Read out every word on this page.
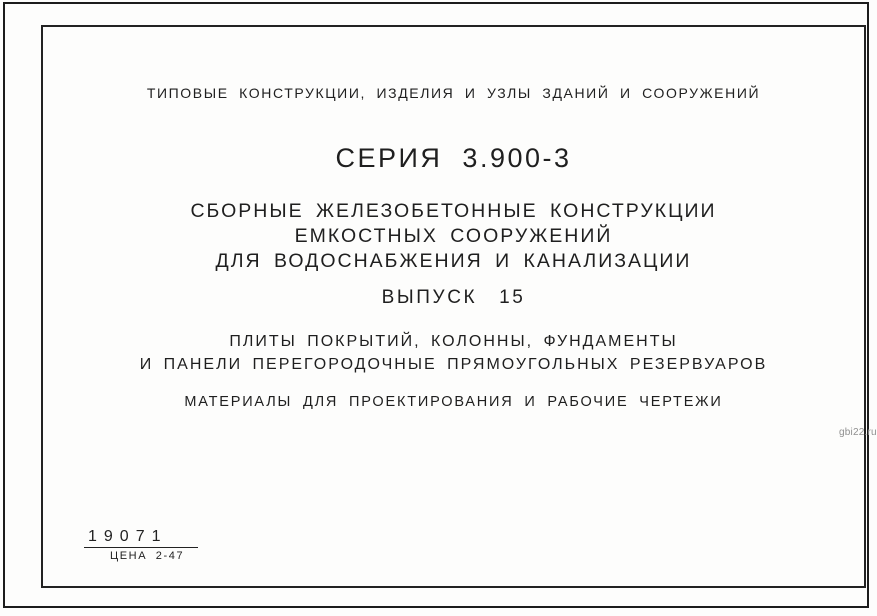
ТИПОВЫЕ КОНСТРУКЦИИ, ИЗДЕЛИЯ И УЗЛЫ ЗДАНИЙ И СООРУЖЕНИЙ
СЕРИЯ 3.900-3
СБОРНЫЕ ЖЕЛЕЗОБЕТОННЫЕ КОНСТРУКЦИИ
ЕМКОСТНЫХ СООРУЖЕНИЙ
ДЛЯ ВОДОСНАБЖЕНИЯ И КАНАЛИЗАЦИИ
ВЫПУСК 15
ПЛИТЫ ПОКРЫТИЙ, КОЛОННЫ, ФУНДАМЕНТЫ
И ПАНЕЛИ ПЕРЕГОРОДОЧНЫЕ ПРЯМОУГОЛЬНЫХ РЕЗЕРВУАРОВ
МАТЕРИАЛЫ ДЛЯ ПРОЕКТИРОВАНИЯ И РАБОЧИЕ ЧЕРТЕЖИ
gbi22.ru
19071
ЦЕНА 2-47
